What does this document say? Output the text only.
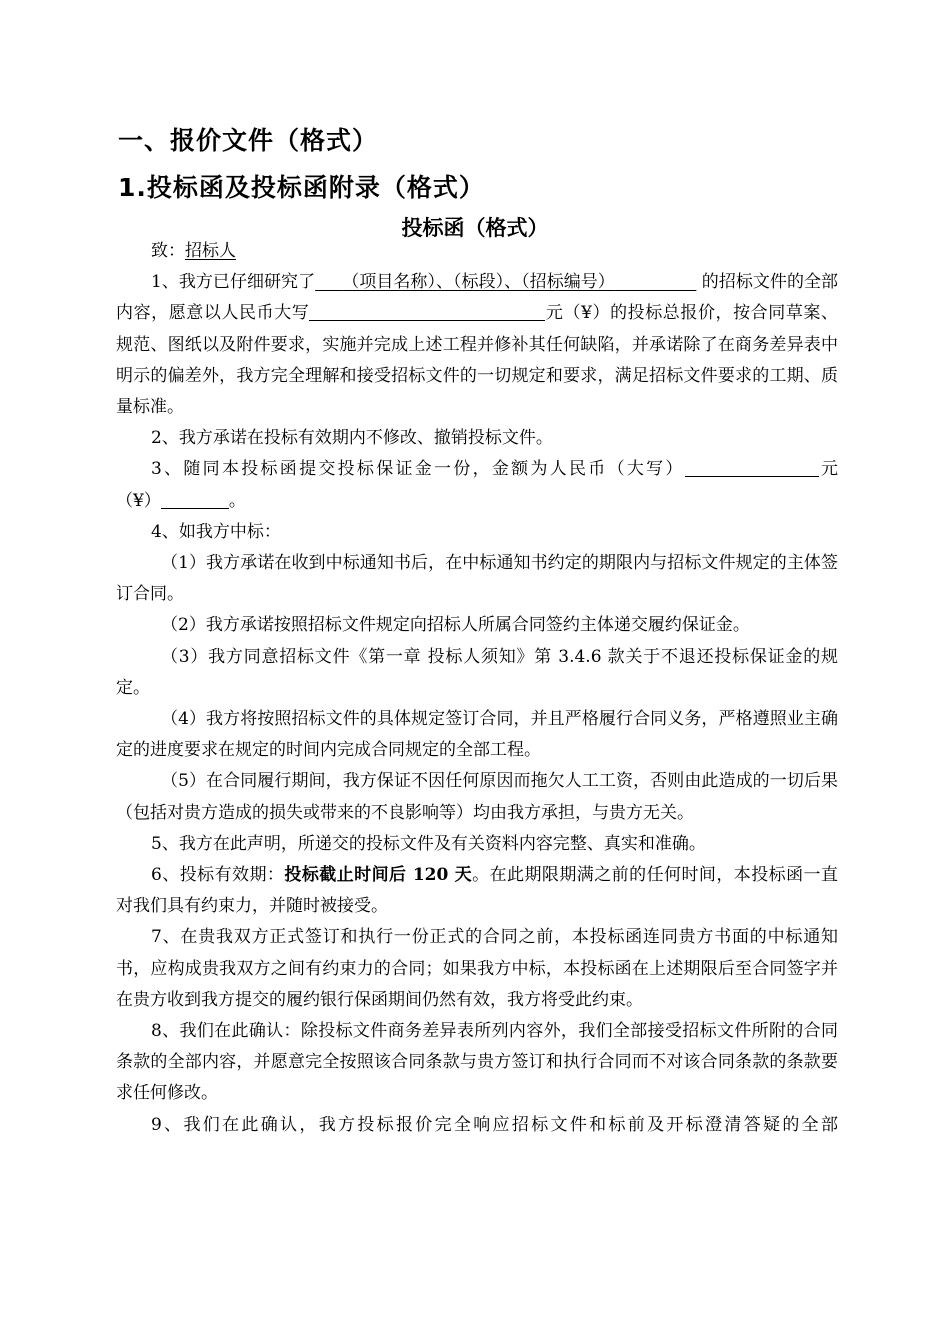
一、报价文件（格式）
1.投标函及投标函附录（格式）
投标函（格式）

致：招标人

1、我方已仔细研究了 （项目名称）、（标段）、（招标编号）	的招标文件的全部内容，愿意以人民币大写	元（¥）的投标总报价，按合同草案、规范、图纸以及附件要求，实施并完成上述工程并修补其任何缺陷，并承诺除了在商务差异表中明示的偏差外，我方完全理解和接受招标文件的一切规定和要求，满足招标文件要求的工期、质量标准。

2、我方承诺在投标有效期内不修改、撤销投标文件。

3、随同本投标函提交投标保证金一份，金额为人民币（大写）	元

（¥）	。

4、如我方中标：

（1）我方承诺在收到中标通知书后，在中标通知书约定的期限内与招标文件规定的主体签订合同。

（2）我方承诺按照招标文件规定向招标人所属合同签约主体递交履约保证金。

（3）我方同意招标文件《第一章 投标人须知》第 3.4.6 款关于不退还投标保证金的规定。

（4）我方将按照招标文件的具体规定签订合同，并且严格履行合同义务，严格遵照业主确定的进度要求在规定的时间内完成合同规定的全部工程。

（5）在合同履行期间，我方保证不因任何原因而拖欠人工工资，否则由此造成的一切后果（包括对贵方造成的损失或带来的不良影响等）均由我方承担，与贵方无关。

5、我方在此声明，所递交的投标文件及有关资料内容完整、真实和准确。

6、投标有效期：投标截止时间后 120 天。在此期限期满之前的任何时间，本投标函一直对我们具有约束力，并随时被接受。

7、在贵我双方正式签订和执行一份正式的合同之前，本投标函连同贵方书面的中标通知书，应构成贵我双方之间有约束力的合同；如果我方中标，本投标函在上述期限后至合同签字并在贵方收到我方提交的履约银行保函期间仍然有效，我方将受此约束。

8、我们在此确认：除投标文件商务差异表所列内容外，我们全部接受招标文件所附的合同条款的全部内容，并愿意完全按照该合同条款与贵方签订和执行合同而不对该合同条款的条款要求任何修改。

9、我们在此确认，我方投标报价完全响应招标文件和标前及开标澄清答疑的全部
